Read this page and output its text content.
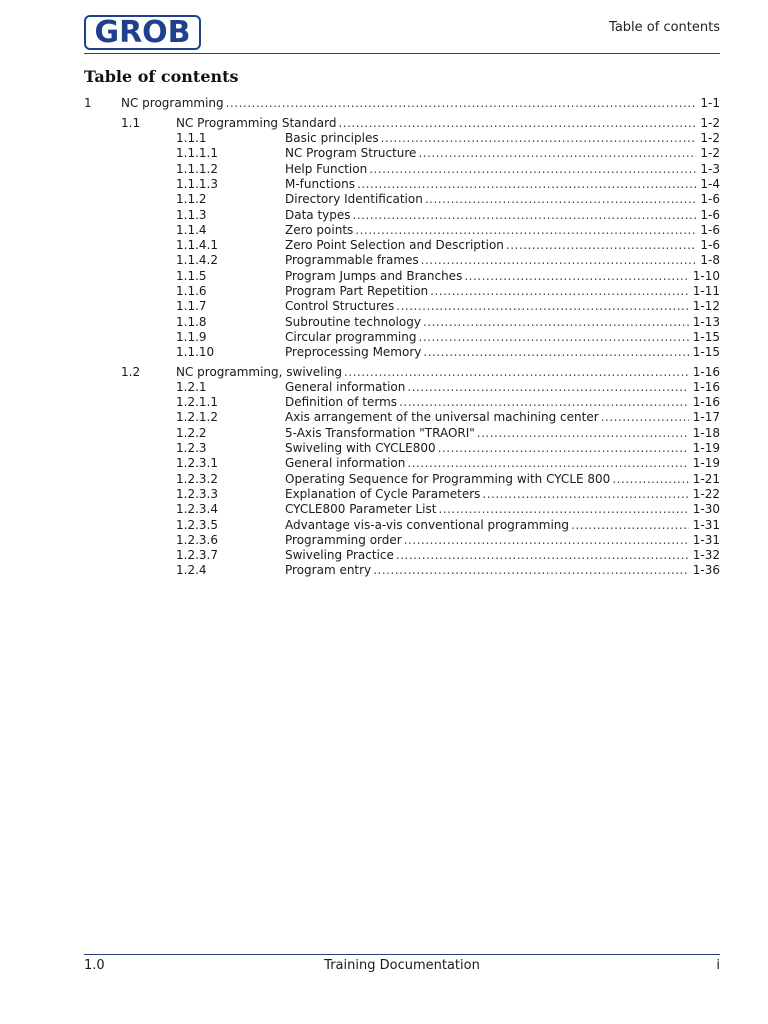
GROB	Table of contents
Table of contents
1 NC programming .....	1-1
1.1	NC Programming Standard .....	1-2
1.1.1	Basic principles .....	1-2
1.1.1.1	NC Program Structure .....	1-2
1.1.1.2	Help Function .....	1-3
1.1.1.3	M-functions .....	1-4
1.1.2	Directory Identification .....	1-6
1.1.3	Data types .....	1-6
1.1.4	Zero points .....	1-6
1.1.4.1	Zero Point Selection and Description .....	1-6
1.1.4.2	Programmable frames .....	1-8
1.1.5	Program Jumps and Branches .....	1-10
1.1.6	Program Part Repetition .....	1-11
1.1.7	Control Structures .....	1-12
1.1.8	Subroutine technology .....	1-13
1.1.9	Circular programming .....	1-15
1.1.10	Preprocessing Memory .....	1-15
1.2	NC programming, swiveling .....	1-16
1.2.1	General information .....	1-16
1.2.1.1	Definition of terms .....	1-16
1.2.1.2	Axis arrangement of the universal machining center .....	1-17
1.2.2	5-Axis Transformation "TRAORI" .....	1-18
1.2.3	Swiveling with CYCLE800 .....	1-19
1.2.3.1	General information .....	1-19
1.2.3.2	Operating Sequence for Programming with CYCLE 800 .....	1-21
1.2.3.3	Explanation of Cycle Parameters .....	1-22
1.2.3.4	CYCLE800 Parameter List .....	1-30
1.2.3.5	Advantage vis-a-vis conventional programming .....	1-31
1.2.3.6	Programming order .....	1-31
1.2.3.7	Swiveling Practice .....	1-32
1.2.4	Program entry .....	1-36
1.0	Training Documentation	i
